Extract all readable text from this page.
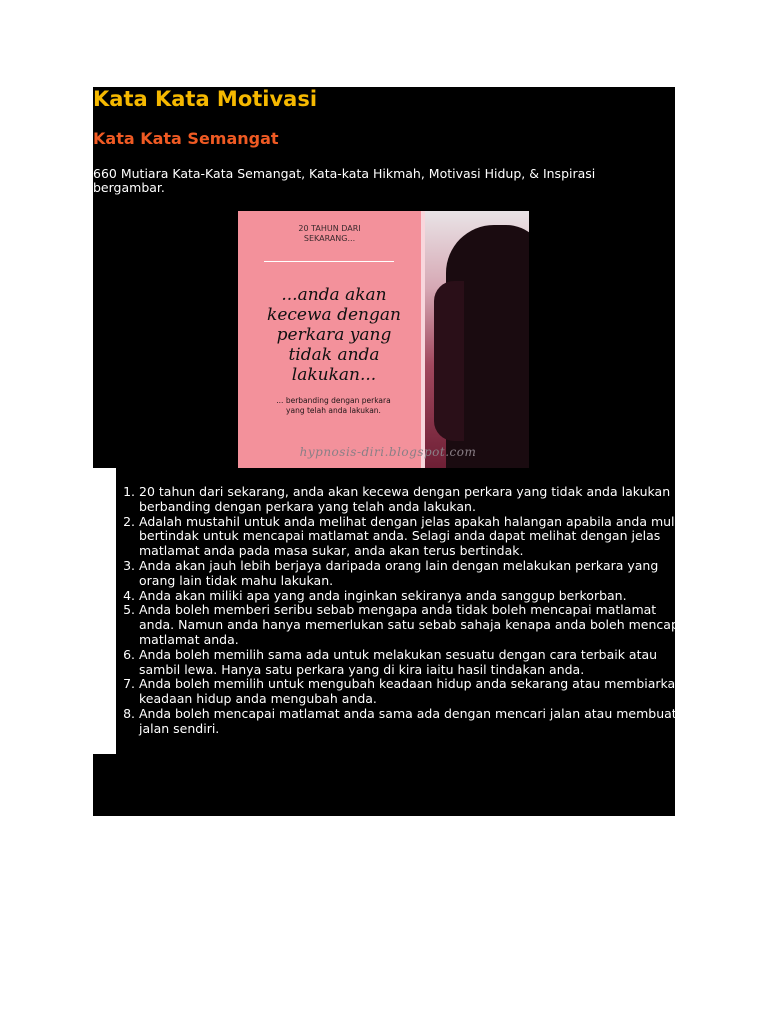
Kata Kata Motivasi
Kata Kata Semangat

660 Mutiara Kata-Kata Semangat, Kata-kata Hikmah, Motivasi Hidup, & Inspirasi bergambar.

20 TAHUN DARI
SEKARANG...

...anda akan
kecewa dengan
perkara yang
tidak anda
lakukan...

... berbanding dengan perkara
yang telah anda lakukan.
hypnosis-diri.blogspot.com
1. 20 tahun dari sekarang, anda akan kecewa dengan perkara yang tidak anda lakukan berbanding dengan perkara yang telah anda lakukan.
2. Adalah mustahil untuk anda melihat dengan jelas apakah halangan apabila anda mula bertindak untuk mencapai matlamat anda. Selagi anda dapat melihat dengan jelas matlamat anda pada masa sukar, anda akan terus bertindak.
3. Anda akan jauh lebih berjaya daripada orang lain dengan melakukan perkara yang orang lain tidak mahu lakukan.
4. Anda akan miliki apa yang anda inginkan sekiranya anda sanggup berkorban.
5. Anda boleh memberi seribu sebab mengapa anda tidak boleh mencapai matlamat anda. Namun anda hanya memerlukan satu sebab sahaja kenapa anda boleh mencapai matlamat anda.
6. Anda boleh memilih sama ada untuk melakukan sesuatu dengan cara terbaik atau sambil lewa. Hanya satu perkara yang di kira iaitu hasil tindakan anda.
7. Anda boleh memilih untuk mengubah keadaan hidup anda sekarang atau membiarkan keadaan hidup anda mengubah anda.
8. Anda boleh mencapai matlamat anda sama ada dengan mencari jalan atau membuat jalan sendiri.
